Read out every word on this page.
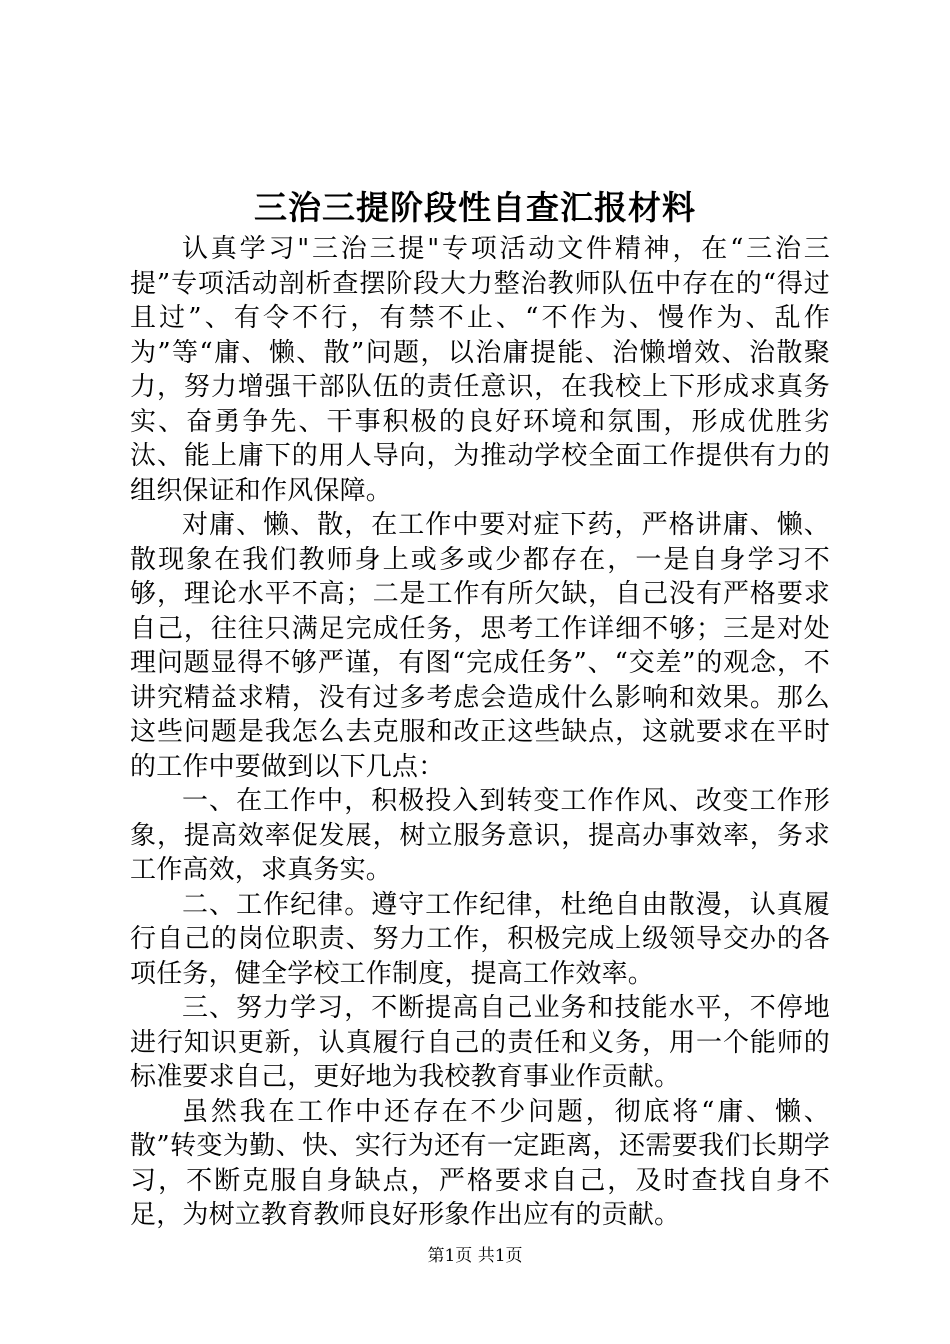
三治三提阶段性自查汇报材料

认真学习"三治三提"专项活动文件精神，在“三治三提”专项活动剖析查摆阶段大力整治教师队伍中存在的“得过且过”、有令不行，有禁不止、“不作为、慢作为、乱作为”等“庸、懒、散”问题，以治庸提能、治懒增效、治散聚力，努力增强干部队伍的责任意识，在我校上下形成求真务实、奋勇争先、干事积极的良好环境和氛围，形成优胜劣汰、能上庸下的用人导向，为推动学校全面工作提供有力的组织保证和作风保障。

对庸、懒、散，在工作中要对症下药，严格讲庸、懒、散现象在我们教师身上或多或少都存在，一是自身学习不够，理论水平不高；二是工作有所欠缺，自己没有严格要求自己，往往只满足完成任务，思考工作详细不够；三是对处理问题显得不够严谨，有图“完成任务”、“交差”的观念，不讲究精益求精，没有过多考虑会造成什么影响和效果。那么这些问题是我怎么去克服和改正这些缺点，这就要求在平时的工作中要做到以下几点：

一、在工作中，积极投入到转变工作作风、改变工作形象，提高效率促发展，树立服务意识，提高办事效率，务求工作高效，求真务实。

二、工作纪律。遵守工作纪律，杜绝自由散漫，认真履行自己的岗位职责、努力工作，积极完成上级领导交办的各项任务，健全学校工作制度，提高工作效率。

三、努力学习，不断提高自己业务和技能水平，不停地进行知识更新，认真履行自己的责任和义务，用一个能师的标准要求自己，更好地为我校教育事业作贡献。

虽然我在工作中还存在不少问题，彻底将“庸、懒、散”转变为勤、快、实行为还有一定距离，还需要我们长期学习，不断克服自身缺点，严格要求自己，及时查找自身不足，为树立教育教师良好形象作出应有的贡献。

第1页 共1页
